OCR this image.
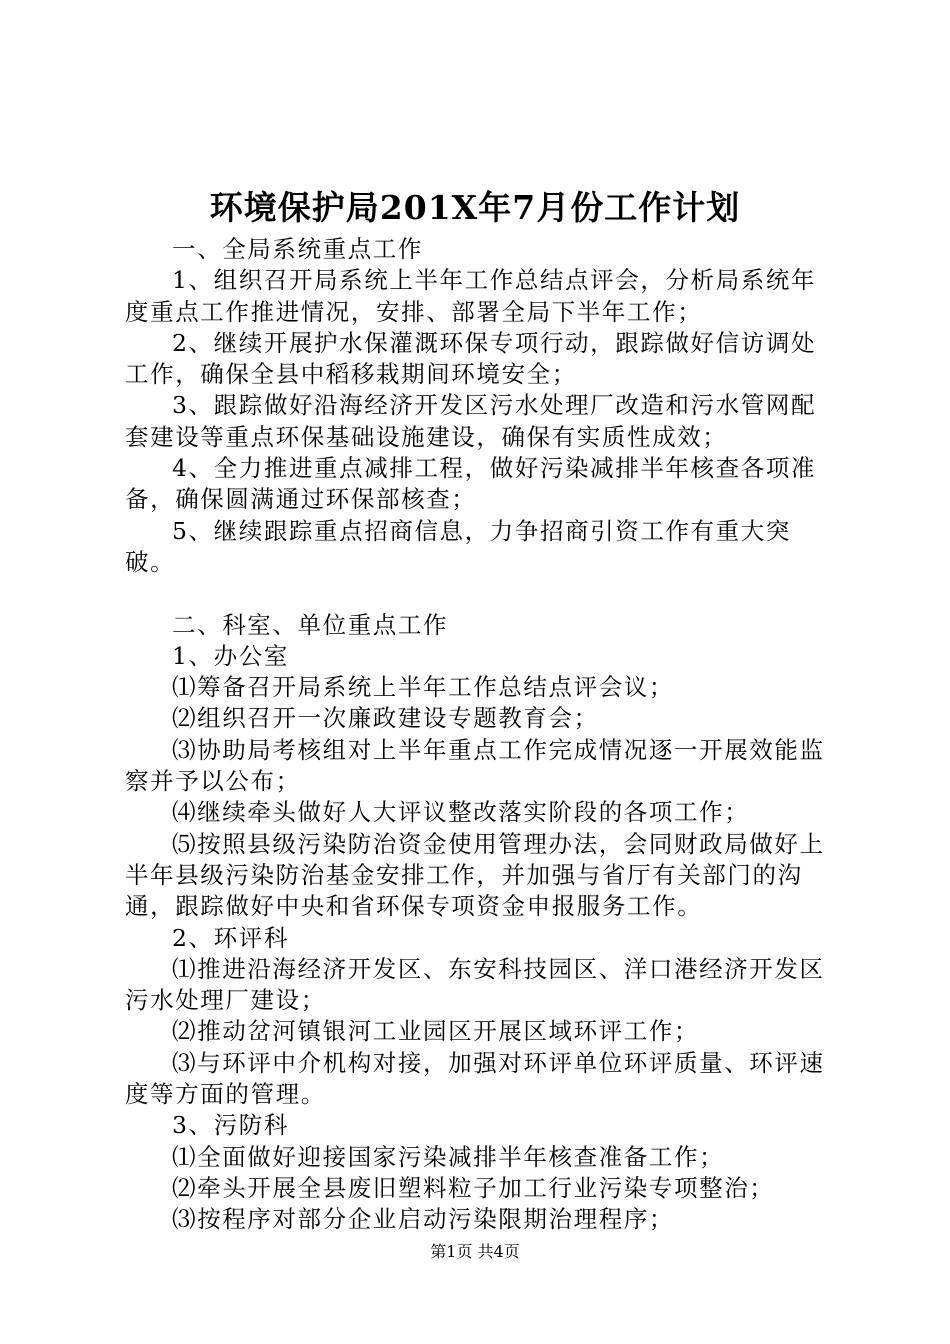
环境保护局201X年7月份工作计划

一、全局系统重点工作

1、组织召开局系统上半年工作总结点评会，分析局系统年度重点工作推进情况，安排、部署全局下半年工作；

2、继续开展护水保灌溉环保专项行动，跟踪做好信访调处工作，确保全县中稻移栽期间环境安全；

3、跟踪做好沿海经济开发区污水处理厂改造和污水管网配套建设等重点环保基础设施建设，确保有实质性成效；

4、全力推进重点减排工程，做好污染减排半年核查各项准备，确保圆满通过环保部核查；

5、继续跟踪重点招商信息，力争招商引资工作有重大突破。

二、科室、单位重点工作

1、办公室

⑴筹备召开局系统上半年工作总结点评会议；

⑵组织召开一次廉政建设专题教育会；

⑶协助局考核组对上半年重点工作完成情况逐一开展效能监察并予以公布；

⑷继续牵头做好人大评议整改落实阶段的各项工作；

⑸按照县级污染防治资金使用管理办法，会同财政局做好上半年县级污染防治基金安排工作，并加强与省厅有关部门的沟通，跟踪做好中央和省环保专项资金申报服务工作。

2、环评科

⑴推进沿海经济开发区、东安科技园区、洋口港经济开发区污水处理厂建设；

⑵推动岔河镇银河工业园区开展区域环评工作；

⑶与环评中介机构对接，加强对环评单位环评质量、环评速度等方面的管理。

3、污防科

⑴全面做好迎接国家污染减排半年核查准备工作；

⑵牵头开展全县废旧塑料粒子加工行业污染专项整治；

⑶按程序对部分企业启动污染限期治理程序；

第1页 共4页
